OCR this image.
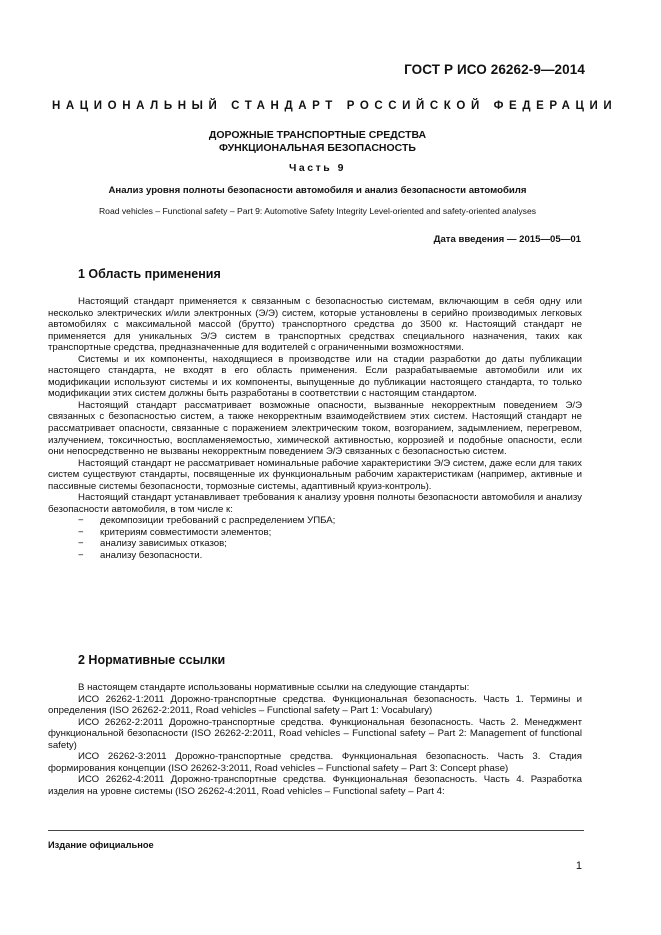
ГОСТ Р ИСО 26262-9—2014
НАЦИОНАЛЬНЫЙ СТАНДАРТ РОССИЙСКОЙ ФЕДЕРАЦИИ
ДОРОЖНЫЕ ТРАНСПОРТНЫЕ СРЕДСТВА
ФУНКЦИОНАЛЬНАЯ БЕЗОПАСНОСТЬ
Часть 9
Анализ уровня полноты безопасности автомобиля и анализ безопасности автомобиля
Road vehicles – Functional safety – Part 9: Automotive Safety Integrity Level-oriented and safety-oriented analyses
Дата введения — 2015—05—01
1 Область применения

Настоящий стандарт применяется к связанным с безопасностью системам, включающим в себя одну или несколько электрических и/или электронных (Э/Э) систем, которые установлены в серийно производимых легковых автомобилях с максимальной массой (брутто) транспортного средства до 3500 кг. Настоящий стандарт не применяется для уникальных Э/Э систем в транспортных средствах специального назначения, таких как транспортные средства, предназначенные для водителей с ограниченными возможностями.

Системы и их компоненты, находящиеся в производстве или на стадии разработки до даты публикации настоящего стандарта, не входят в его область применения. Если разрабатываемые автомобили или их модификации используют системы и их компоненты, выпущенные до публикации настоящего стандарта, то только модификации этих систем должны быть разработаны в соответствии с настоящим стандартом.

Настоящий стандарт рассматривает возможные опасности, вызванные некорректным поведением Э/Э связанных с безопасностью систем, а также некорректным взаимодействием этих систем. Настоящий стандарт не рассматривает опасности, связанные с поражением электрическим током, возгоранием, задымлением, перегревом, излучением, токсичностью, воспламеняемостью, химической активностью, коррозией и подобные опасности, если они непосредственно не вызваны некорректным поведением Э/Э связанных с безопасностью систем.

Настоящий стандарт не рассматривает номинальные рабочие характеристики Э/Э систем, даже если для таких систем существуют стандарты, посвященные их функциональным рабочим характеристикам (например, активные и пассивные системы безопасности, тормозные системы, адаптивный круиз-контроль).

Настоящий стандарт устанавливает требования к анализу уровня полноты безопасности автомобиля и анализу безопасности автомобиля, в том числе к:

− декомпозиции требований с распределением УПБА;
− критериям совместимости элементов;
− анализу зависимых отказов;
− анализу безопасности.
2 Нормативные ссылки

В настоящем стандарте использованы нормативные ссылки на следующие стандарты:

ИСО 26262-1:2011 Дорожно-транспортные средства. Функциональная безопасность. Часть 1. Термины и определения (ISO 26262-2:2011, Road vehicles – Functional safety – Part 1: Vocabulary)

ИСО 26262-2:2011 Дорожно-транспортные средства. Функциональная безопасность. Часть 2. Менеджмент функциональной безопасности (ISO 26262-2:2011, Road vehicles – Functional safety – Part 2: Management of functional safety)

ИСО 26262-3:2011 Дорожно-транспортные средства. Функциональная безопасность. Часть 3. Стадия формирования концепции (ISO 26262-3:2011, Road vehicles – Functional safety – Part 3: Concept phase)

ИСО 26262-4:2011 Дорожно-транспортные средства. Функциональная безопасность. Часть 4. Разработка изделия на уровне системы (ISO 26262-4:2011, Road vehicles – Functional safety – Part 4:

Издание официальное
1
